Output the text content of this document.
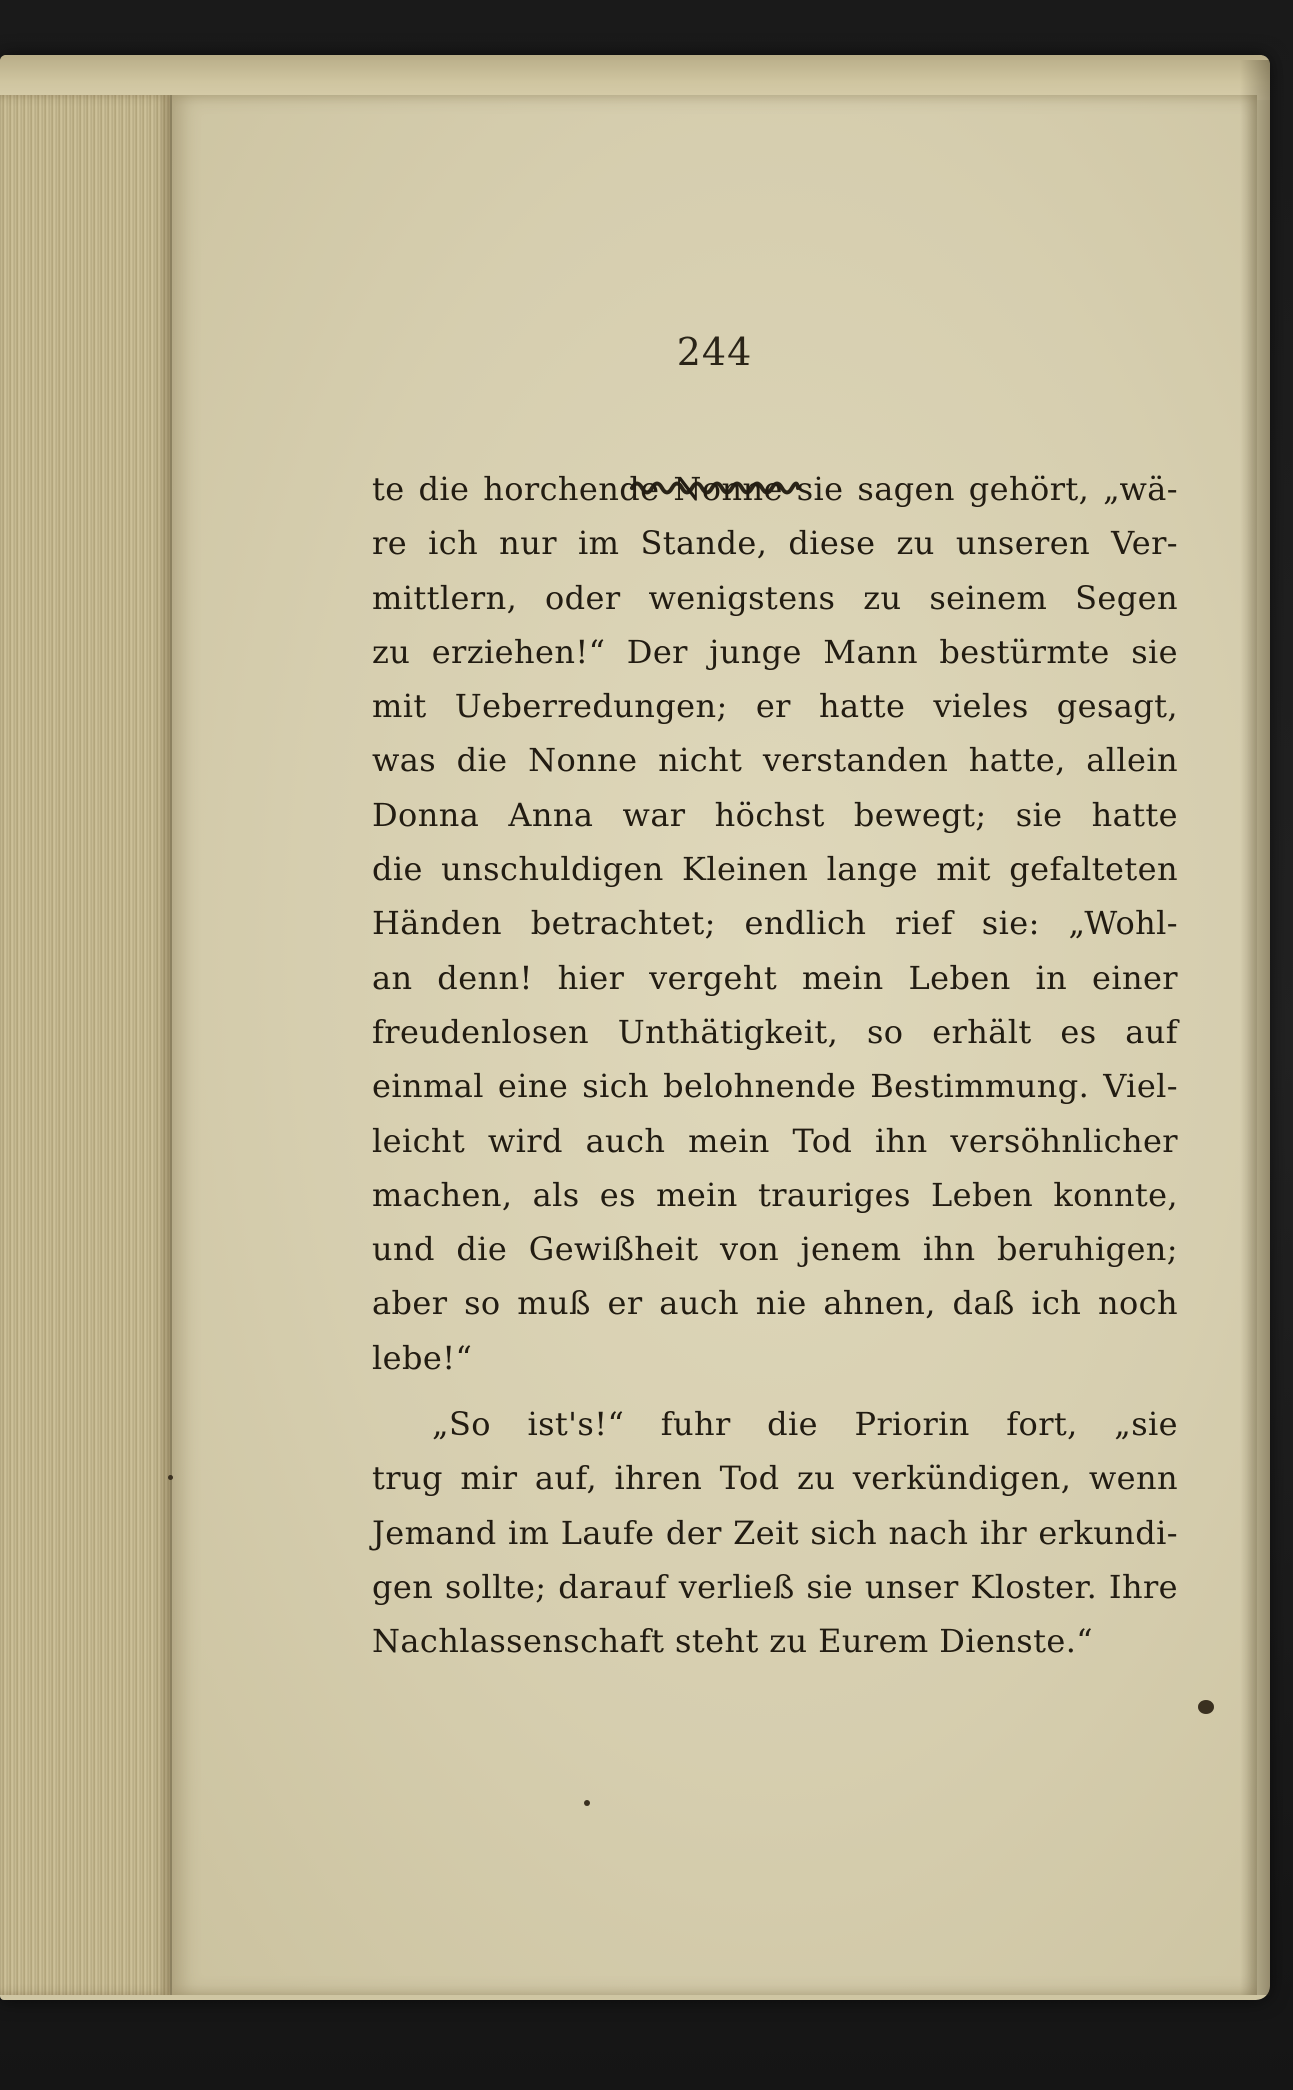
244
te die horchende Nonne sie sagen gehört, „wä-
re ich nur im Stande, diese zu unseren Ver-
mittlern, oder wenigstens zu seinem Segen
zu erziehen!“ Der junge Mann bestürmte sie
mit Ueberredungen; er hatte vieles gesagt,
was die Nonne nicht verstanden hatte, allein
Donna Anna war höchst bewegt; sie hatte
die unschuldigen Kleinen lange mit gefalteten
Händen betrachtet; endlich rief sie: „Wohl-
an denn! hier vergeht mein Leben in einer
freudenlosen Unthätigkeit, so erhält es auf
einmal eine sich belohnende Bestimmung. Viel-
leicht wird auch mein Tod ihn versöhnlicher
machen, als es mein trauriges Leben konnte,
und die Gewißheit von jenem ihn beruhigen;
aber so muß er auch nie ahnen, daß ich noch
lebe!“
„So ist's!“ fuhr die Priorin fort, „sie
trug mir auf, ihren Tod zu verkündigen, wenn
Jemand im Laufe der Zeit sich nach ihr erkundi-
gen sollte; darauf verließ sie unser Kloster. Ihre
Nachlassenschaft steht zu Eurem Dienste.“
